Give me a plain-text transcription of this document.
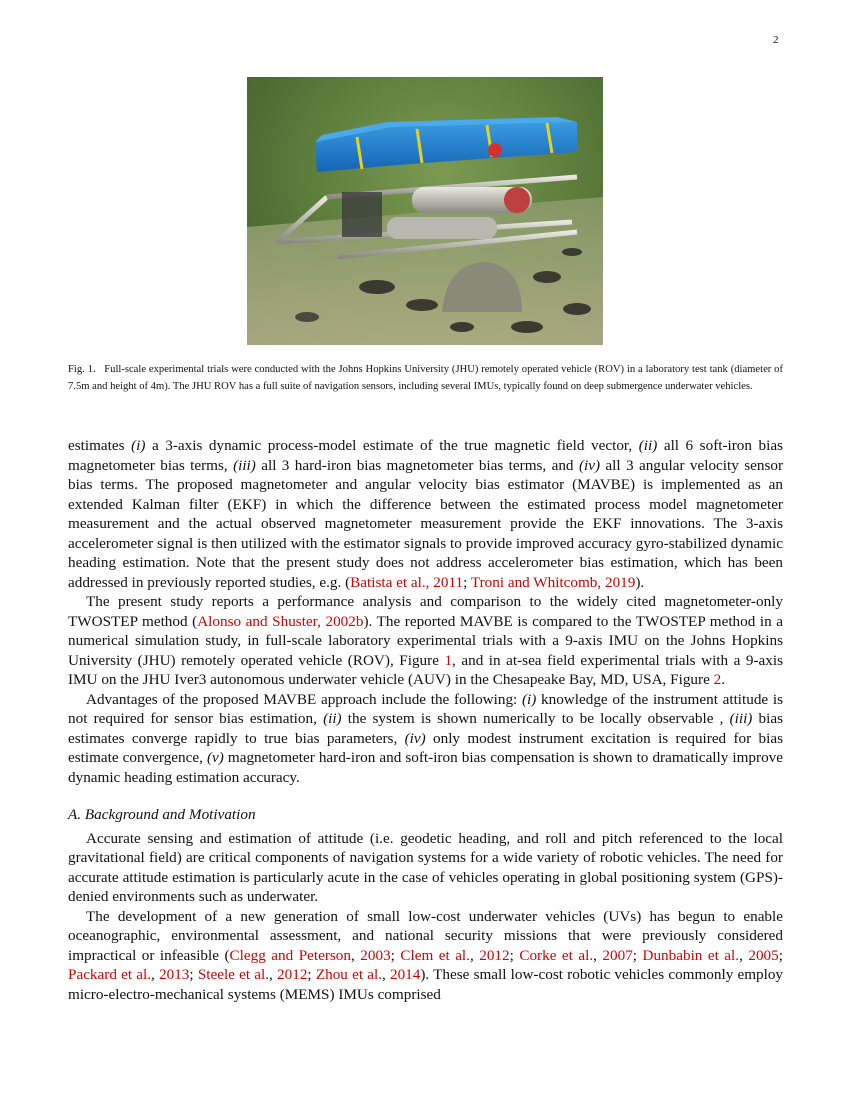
2
Fig. 1. Full-scale experimental trials were conducted with the Johns Hopkins University (JHU) remotely operated vehicle (ROV) in a laboratory test tank (diameter of 7.5m and height of 4m). The JHU ROV has a full suite of navigation sensors, including several IMUs, typically found on deep submergence underwater vehicles.

estimates (i) a 3-axis dynamic process-model estimate of the true magnetic field vector, (ii) all 6 soft-iron bias magnetometer bias terms, (iii) all 3 hard-iron bias magnetometer bias terms, and (iv) all 3 angular velocity sensor bias terms. The proposed magnetometer and angular velocity bias estimator (MAVBE) is implemented as an extended Kalman filter (EKF) in which the difference between the estimated process model magnetometer measurement and the actual observed magnetometer measurement provide the EKF innovations. The 3-axis accelerometer signal is then utilized with the estimator signals to provide improved accuracy gyro-stabilized dynamic heading estimation. Note that the present study does not address accelerometer bias estimation, which has been addressed in previously reported studies, e.g. (Batista et al., 2011; Troni and Whitcomb, 2019).

The present study reports a performance analysis and comparison to the widely cited magnetometer-only TWOSTEP method (Alonso and Shuster, 2002b). The reported MAVBE is compared to the TWOSTEP method in a numerical simulation study, in full-scale laboratory experimental trials with a 9-axis IMU on the Johns Hopkins University (JHU) remotely operated vehicle (ROV), Figure 1, and in at-sea field experimental trials with a 9-axis IMU on the JHU Iver3 autonomous underwater vehicle (AUV) in the Chesapeake Bay, MD, USA, Figure 2.

Advantages of the proposed MAVBE approach include the following: (i) knowledge of the instrument attitude is not required for sensor bias estimation, (ii) the system is shown numerically to be locally observable , (iii) bias estimates converge rapidly to true bias parameters, (iv) only modest instrument excitation is required for bias estimate convergence, (v) magnetometer hard-iron and soft-iron bias compensation is shown to dramatically improve dynamic heading estimation accuracy.

A. Background and Motivation

Accurate sensing and estimation of attitude (i.e. geodetic heading, and roll and pitch referenced to the local gravitational field) are critical components of navigation systems for a wide variety of robotic vehicles. The need for accurate attitude estimation is particularly acute in the case of vehicles operating in global positioning system (GPS)-denied environments such as underwater.

The development of a new generation of small low-cost underwater vehicles (UVs) has begun to enable oceanographic, environmental assessment, and national security missions that were previously considered impractical or infeasible (Clegg and Peterson, 2003; Clem et al., 2012; Corke et al., 2007; Dunbabin et al., 2005; Packard et al., 2013; Steele et al., 2012; Zhou et al., 2014). These small low-cost robotic vehicles commonly employ micro-electro-mechanical systems (MEMS) IMUs comprised
